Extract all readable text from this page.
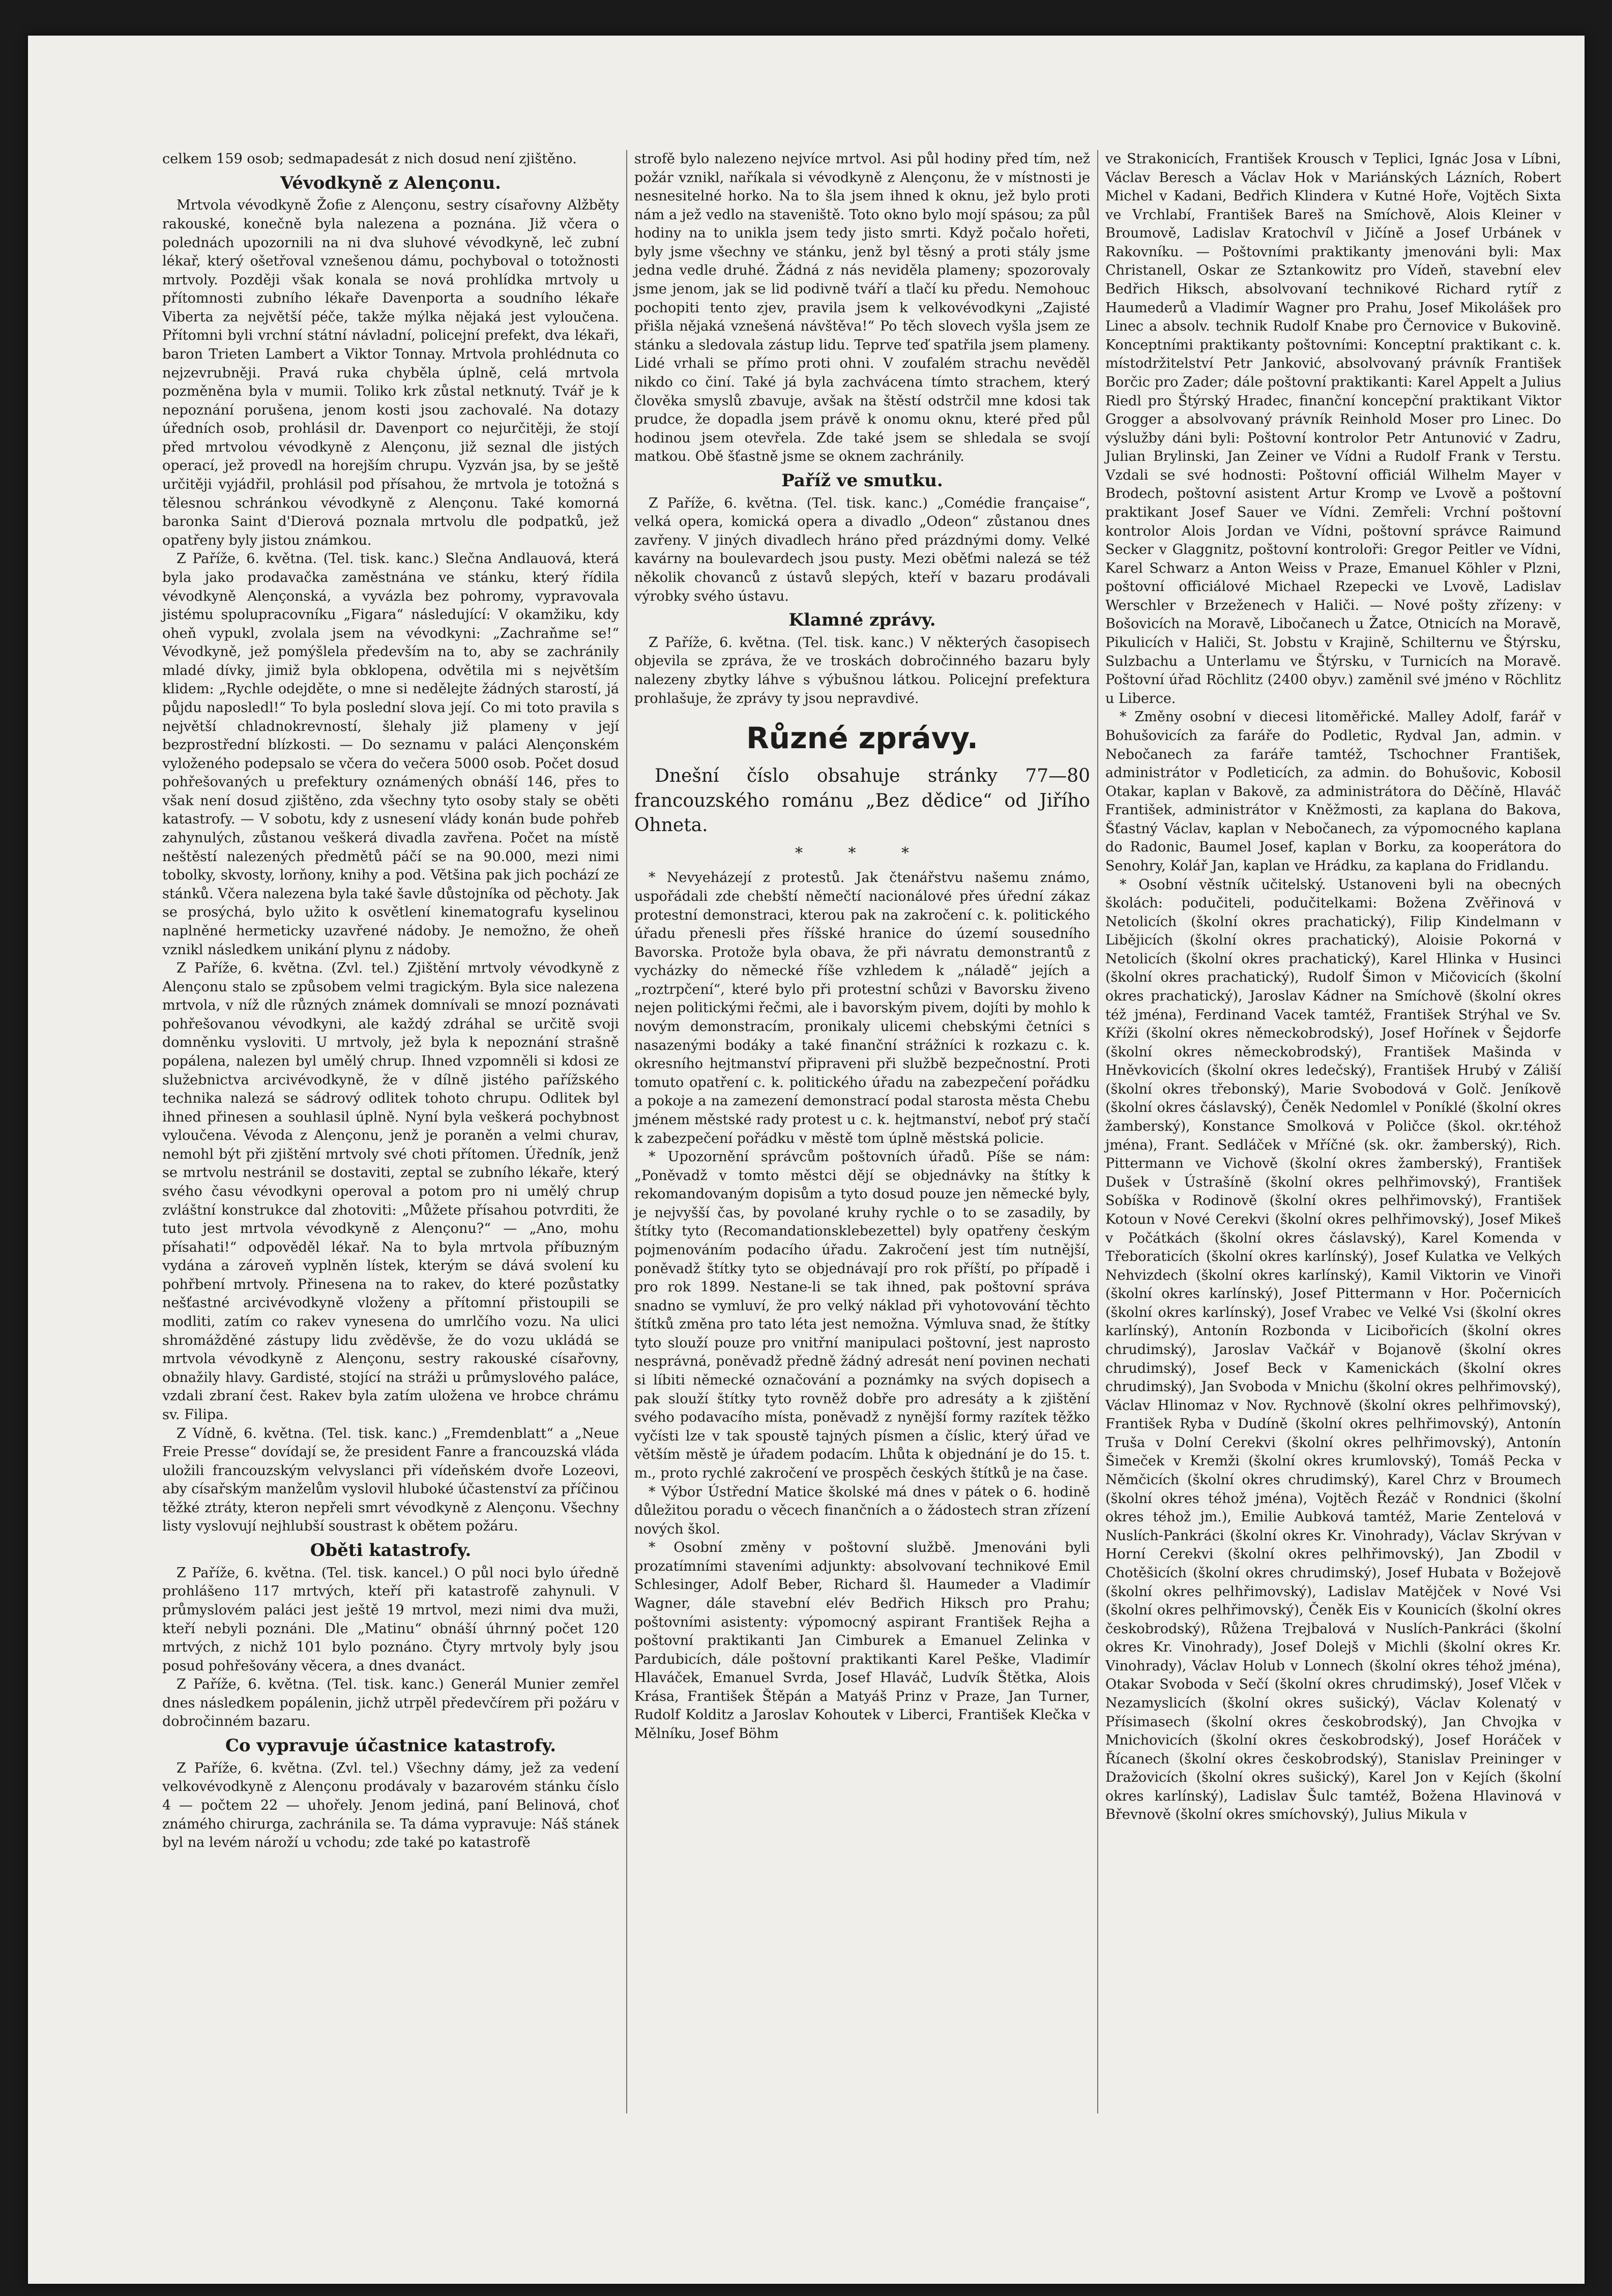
celkem 159 osob; sedmapadesát z nich dosud není zjištěno.

Vévodkyně z Alençonu.

Mrtvola vévodkyně Žofie z Alençonu, sestry císařovny Alžběty rakouské, konečně byla nalezena a poznána. Již včera o polednách upozornili na ni dva sluhové vévodkyně, leč zubní lékař, který ošetřoval vznešenou dámu, pochyboval o totožnosti mrtvoly. Později však konala se nová prohlídka mrtvoly u přítomnosti zubního lékaře Davenporta a soudního lékaře Viberta za největší péče, takže mýlka nějaká jest vyloučena. Přítomni byli vrchní státní návladní, policejní prefekt, dva lékaři, baron Trieten Lambert a Viktor Tonnay. Mrtvola prohlédnuta co nejzevrubněji. Pravá ruka chyběla úplně, celá mrtvola pozměněna byla v mumii. Toliko krk zůstal netknutý. Tvář je k nepoznání porušena, jenom kosti jsou zachovalé. Na dotazy úředních osob, prohlásil dr. Davenport co nejurčitěji, že stojí před mrtvolou vévodkyně z Alençonu, již seznal dle jistých operací, jež provedl na horejším chrupu. Vyzván jsa, by se ještě určitěji vyjádřil, prohlásil pod přísahou, že mrtvola je totožná s tělesnou schránkou vévodkyně z Alençonu. Také komorná baronka Saint d'Dierová poznala mrtvolu dle podpatků, jež opatřeny byly jistou známkou.

Z Paříže, 6. května. (Tel. tisk. kanc.) Slečna Andlauová, která byla jako prodavačka zaměstnána ve stánku, který řídila vévodkyně Alençonská, a vyvázla bez pohromy, vypravovala jistému spolupracovníku „Figara“ následující: V okamžiku, kdy oheň vypukl, zvolala jsem na vévodkyni: „Zachraňme se!“ Vévodkyně, jež pomýšlela především na to, aby se zachránily mladé dívky, jimiž byla obklopena, odvětila mi s největším klidem: „Rychle odejděte, o mne si nedělejte žádných starostí, já půjdu naposledl!“ To byla poslední slova její. Co mi toto pravila s největší chladnokrevností, šlehaly již plameny v její bezprostřední blízkosti. — Do seznamu v paláci Alençonském vyloženého podepsalo se včera do večera 5000 osob. Počet dosud pohřešovaných u prefektury oznámených obnáší 146, přes to však není dosud zjištěno, zda všechny tyto osoby staly se oběti katastrofy. — V sobotu, kdy z usnesení vlády konán bude pohřeb zahynulých, zůstanou veškerá divadla zavřena. Počet na místě neštěstí nalezených předmětů páčí se na 90.000, mezi nimi tobolky, skvosty, lorňony, knihy a pod. Většina pak jich pochází ze stánků. Včera nalezena byla také šavle důstojníka od pěchoty. Jak se prosýchá, bylo užito k osvětlení kinematografu kyselinou naplněné hermeticky uzavřené nádoby. Je nemožno, že oheň vznikl následkem unikání plynu z nádoby.

Z Paříže, 6. května. (Zvl. tel.) Zjištění mrtvoly vévodkyně z Alençonu stalo se způsobem velmi tragickým. Byla sice nalezena mrtvola, v níž dle různých známek domnívali se mnozí poznávati pohřešovanou vévodkyni, ale každý zdráhal se určitě svoji domněnku vysloviti. U mrtvoly, jež byla k nepoznání strašně popálena, nalezen byl umělý chrup. Ihned vzpomněli si kdosi ze služebnictva arcivévodkyně, že v dílně jistého pařížského technika nalezá se sádrový odlitek tohoto chrupu. Odlitek byl ihned přinesen a souhlasil úplně. Nyní byla veškerá pochybnost vyloučena. Vévoda z Alençonu, jenž je poraněn a velmi churav, nemohl být při zjištění mrtvoly své choti přítomen. Úředník, jenž se mrtvolu nestránil se dostaviti, zeptal se zubního lékaře, který svého času vévodkyni operoval a potom pro ni umělý chrup zvláštní konstrukce dal zhotoviti: „Můžete přísahou potvrditi, že tuto jest mrtvola vévodkyně z Alençonu?“ — „Ano, mohu přísahati!“ odpověděl lékař. Na to byla mrtvola příbuzným vydána a zároveň vyplněn lístek, kterým se dává svolení ku pohřbení mrtvoly. Přinesena na to rakev, do které pozůstatky nešťastné arcivévodkyně vloženy a přítomní přistoupili se modliti, zatím co rakev vynesena do umrlčího vozu. Na ulici shromážděné zástupy lidu zvěděvše, že do vozu ukládá se mrtvola vévodkyně z Alençonu, sestry rakouské císařovny, obnažily hlavy. Gardisté, stojící na stráži u průmyslového paláce, vzdali zbraní čest. Rakev byla zatím uložena ve hrobce chrámu sv. Filipa.

Z Vídně, 6. května. (Tel. tisk. kanc.) „Fremdenblatt“ a „Neue Freie Presse“ dovídají se, že president Fanre a francouzská vláda uložili francouzským velvyslanci při vídeňském dvoře Lozeovi, aby císařským manželům vyslovil hluboké účastenství za příčinou těžké ztráty, kteron nepřeli smrt vévodkyně z Alençonu. Všechny listy vyslovují nejhlubší soustrast k obětem požáru.

Oběti katastrofy.

Z Paříže, 6. května. (Tel. tisk. kancel.) O půl noci bylo úředně prohlášeno 117 mrtvých, kteří při katastrofě zahynuli. V průmyslovém paláci jest ještě 19 mrtvol, mezi nimi dva muži, kteří nebyli poznáni. Dle „Matinu“ obnáší úhrnný počet 120 mrtvých, z nichž 101 bylo poznáno. Čtyry mrtvoly byly jsou posud pohřešovány věcera, a dnes dvanáct.

Z Paříže, 6. května. (Tel. tisk. kanc.) Generál Munier zemřel dnes následkem popálenin, jichž utrpěl předevčírem při požáru v dobročinném bazaru.

Co vypravuje účastnice katastrofy.

Z Paříže, 6. května. (Zvl. tel.) Všechny dámy, jež za vedení velkovévodkyně z Alençonu prodávaly v bazarovém stánku číslo 4 — počtem 22 — uhořely. Jenom jediná, paní Belinová, choť známého chirurga, zachránila se. Ta dáma vypravuje: Náš stánek byl na levém nároží u vchodu; zde také po katastrofě

strofě bylo nalezeno nejvíce mrtvol. Asi půl hodiny před tím, než požár vznikl, naříkala si vévodkyně z Alençonu, že v místnosti je nesnesitelné horko. Na to šla jsem ihned k oknu, jež bylo proti nám a jež vedlo na staveniště. Toto okno bylo mojí spásou; za půl hodiny na to unikla jsem tedy jisto smrti. Když počalo hořeti, byly jsme všechny ve stánku, jenž byl těsný a proti stály jsme jedna vedle druhé. Žádná z nás neviděla plameny; spozorovaly jsme jenom, jak se lid podivně tváří a tlačí ku předu. Nemohouc pochopiti tento zjev, pravila jsem k velkovévodkyni „Zajisté přišla nějaká vznešená návštěva!“ Po těch slovech vyšla jsem ze stánku a sledovala zástup lidu. Teprve teď spatřila jsem plameny. Lidé vrhali se přímo proti ohni. V zoufalém strachu nevěděl nikdo co činí. Také já byla zachvácena tímto strachem, který člověka smyslů zbavuje, avšak na štěstí odstrčil mne kdosi tak prudce, že dopadla jsem právě k onomu oknu, které před půl hodinou jsem otevřela. Zde také jsem se shledala se svojí matkou. Obě šťastně jsme se oknem zachránily.

Paříž ve smutku.

Z Paříže, 6. května. (Tel. tisk. kanc.) „Comédie française“, velká opera, komická opera a divadlo „Odeon“ zůstanou dnes zavřeny. V jiných divadlech hráno před prázdnými domy. Velké kavárny na boulevardech jsou pusty. Mezi oběťmi nalezá se též několik chovanců z ústavů slepých, kteří v bazaru prodávali výrobky svého ústavu.

Klamné zprávy.

Z Paříže, 6. května. (Tel. tisk. kanc.) V některých časopisech objevila se zpráva, že ve troskách dobročinného bazaru byly nalezeny zbytky láhve s výbušnou látkou. Policejní prefektura prohlašuje, že zprávy ty jsou nepravdivé.

Různé zprávy.

Dnešní číslo obsahuje stránky 77—80 francouzského románu „Bez dědice“ od Jiřího Ohneta.

* * *

* Nevyeházejí z protestů. Jak čtenářstvu našemu známo, uspořádali zde chebští němečtí nacionálové přes úřední zákaz protestní demonstraci, kterou pak na zakročení c. k. politického úřadu přenesli přes říšské hranice do území sousedního Bavorska. Protože byla obava, že při návratu demonstrantů z vycházky do německé říše vzhledem k „náladě“ jejích a „roztrpčení“, které bylo při protestní schůzi v Bavorsku živeno nejen politickými řečmi, ale i bavorským pivem, dojíti by mohlo k novým demonstracím, pronikaly ulicemi chebskými četníci s nasazenými bodáky a také finanční strážníci k rozkazu c. k. okresního hejtmanství připraveni při službě bezpečnostní. Proti tomuto opatření c. k. politického úřadu na zabezpečení pořádku a pokoje a na zamezení demonstrací podal starosta města Chebu jménem městské rady protest u c. k. hejtmanství, neboť prý stačí k zabezpečení pořádku v městě tom úplně městská policie.

* Upozornění správcům poštovních úřadů. Píše se nám: „Poněvadž v tomto městci dějí se objednávky na štítky k rekomandovaným dopisům a tyto dosud pouze jen německé byly, je nejvyšší čas, by povolané kruhy rychle o to se zasadily, by štítky tyto (Recomandationsklebezettel) byly opatřeny českým pojmenováním podacího úřadu. Zakročení jest tím nutnější, poněvadž štítky tyto se objednávají pro rok příští, po případě i pro rok 1899. Nestane-li se tak ihned, pak poštovní správa snadno se vymluví, že pro velký náklad při vyhotovování těchto štítků změna pro tato léta jest nemožna. Výmluva snad, že štítky tyto slouží pouze pro vnitřní manipulaci poštovní, jest naprosto nesprávná, poněvadž předně žádný adresát není povinen nechati si líbiti německé označování a poznámky na svých dopisech a pak slouží štítky tyto rovněž dobře pro adresáty a k zjištění svého podavacího místa, poněvadž z nynější formy razítek těžko vyčísti lze v tak spoustě tajných písmen a číslic, který úřad ve větším městě je úřadem podacím. Lhůta k objednání je do 15. t. m., proto rychlé zakročení ve prospěch českých štítků je na čase.

* Výbor Ústřední Matice školské má dnes v pátek o 6. hodině důležitou poradu o věcech finančních a o žádostech stran zřízení nových škol.

* Osobní změny v poštovní službě. Jmenováni byli prozatímními staveními adjunkty: absolvovaní technikové Emil Schlesinger, Adolf Beber, Richard šl. Haumeder a Vladimír Wagner, dále stavební elév Bedřich Hiksch pro Prahu; poštovními asistenty: výpomocný aspirant František Rejha a poštovní praktikanti Jan Cimburek a Emanuel Zelinka v Pardubicích, dále poštovní praktikanti Karel Peške, Vladimír Hlaváček, Emanuel Svrda, Josef Hlaváč, Ludvík Štětka, Alois Krása, František Štěpán a Matyáš Prinz v Praze, Jan Turner, Rudolf Kolditz a Jaroslav Kohoutek v Liberci, František Klečka v Mělníku, Josef Böhm

ve Strakonicích, František Krousch v Teplici, Ignác Josa v Líbni, Václav Beresch a Václav Hok v Mariánských Lázních, Robert Michel v Kadani, Bedřich Klindera v Kutné Hoře, Vojtěch Sixta ve Vrchlabí, František Bareš na Smíchově, Alois Kleiner v Broumově, Ladislav Kratochvíl v Jičíně a Josef Urbánek v Rakovníku. — Poštovními praktikanty jmenováni byli: Max Christanell, Oskar ze Sztankowitz pro Vídeň, stavební elev Bedřich Hiksch, absolvovaní technikové Richard rytíř z Haumederů a Vladimír Wagner pro Prahu, Josef Mikolášek pro Linec a absolv. technik Rudolf Knabe pro Černovice v Bukovině. Konceptními praktikanty poštovními: Konceptní praktikant c. k. místodržitelství Petr Janković, absolvovaný právník František Borčic pro Zader; dále poštovní praktikanti: Karel Appelt a Julius Riedl pro Štýrský Hradec, finanční koncepční praktikant Viktor Grogger a absolvovaný právník Reinhold Moser pro Linec. Do výslužby dáni byli: Poštovní kontrolor Petr Antunović v Zadru, Julian Brylinski, Jan Zeiner ve Vídni a Rudolf Frank v Terstu. Vzdali se své hodnosti: Poštovní officiál Wilhelm Mayer v Brodech, poštovní asistent Artur Kromp ve Lvově a poštovní praktikant Josef Sauer ve Vídni. Zemřeli: Vrchní poštovní kontrolor Alois Jordan ve Vídni, poštovní správce Raimund Secker v Glaggnitz, poštovní kontroloři: Gregor Peitler ve Vídni, Karel Schwarz a Anton Weiss v Praze, Emanuel Köhler v Plzni, poštovní officiálové Michael Rzepecki ve Lvově, Ladislav Werschler v Brzeženech v Haliči. — Nové pošty zřízeny: v Bošovicích na Moravě, Libočanech u Žatce, Otnicích na Moravě, Pikulicích v Haliči, St. Jobstu v Krajině, Schilternu ve Štýrsku, Sulzbachu a Unterlamu ve Štýrsku, v Turnicích na Moravě. Poštovní úřad Röchlitz (2400 obyv.) zaměnil své jméno v Röchlitz u Liberce.

* Změny osobní v diecesi litoměřické. Malley Adolf, farář v Bohušovicích za faráře do Podletic, Rydval Jan, admin. v Nebočanech za faráře tamtéž, Tschochner František, administrátor v Podleticích, za admin. do Bohušovic, Kobosil Otakar, kaplan v Bakově, za administrátora do Děčíně, Hlaváč František, administrátor v Kněžmosti, za kaplana do Bakova, Šťastný Václav, kaplan v Nebočanech, za výpomocného kaplana do Radonic, Baumel Josef, kaplan v Borku, za kooperátora do Senohry, Kolář Jan, kaplan ve Hrádku, za kaplana do Fridlandu.

* Osobní věstník učitelský. Ustanoveni byli na obecných školách: podučiteli, podučitelkami: Božena Zvěřinová v Netolicích (školní okres prachatický), Filip Kindelmann v Libějicích (školní okres prachatický), Aloisie Pokorná v Netolicích (školní okres prachatický), Karel Hlinka v Husinci (školní okres prachatický), Rudolf Šimon v Mičovicích (školní okres prachatický), Jaroslav Kádner na Smíchově (školní okres též jména), Ferdinand Vacek tamtéž, František Strýhal ve Sv. Kříži (školní okres německobrodský), Josef Hořínek v Šejdorfe (školní okres německobrodský), František Mašinda v Hněvkovicích (školní okres ledečský), František Hrubý v Záliší (školní okres třebonský), Marie Svobodová v Golč. Jeníkově (školní okres čáslavský), Čeněk Nedomlel v Poníklé (školní okres žamberský), Konstance Smolková v Poličce (škol. okr.téhož jména), Frant. Sedláček v Mříčné (sk. okr. žamberský), Rich. Pittermann ve Vichově (školní okres žamberský), František Dušek v Ústrašíně (školní okres pelhřimovský), František Sobíška v Rodinově (školní okres pelhřimovský), František Kotoun v Nové Cerekvi (školní okres pelhřimovský), Josef Mikeš v Počátkách (školní okres čáslavský), Karel Komenda v Třeboraticích (školní okres karlínský), Josef Kulatka ve Velkých Nehvizdech (školní okres karlínský), Kamil Viktorin ve Vinoři (školní okres karlínský), Josef Pittermann v Hor. Počernicích (školní okres karlínský), Josef Vrabec ve Velké Vsi (školní okres karlínský), Antonín Rozbonda v Licibořicích (školní okres chrudimský), Jaroslav Vačkář v Bojanově (školní okres chrudimský), Josef Beck v Kamenickách (školní okres chrudimský), Jan Svoboda v Mnichu (školní okres pelhřimovský), Václav Hlinomaz v Nov. Rychnově (školní okres pelhřimovský), František Ryba v Dudíně (školní okres pelhřimovský), Antonín Truša v Dolní Cerekvi (školní okres pelhřimovský), Antonín Šimeček v Kremži (školní okres krumlovský), Tomáš Pecka v Němčicích (školní okres chrudimský), Karel Chrz v Broumech (školní okres téhož jména), Vojtěch Řezáč v Rondnici (školní okres téhož jm.), Emilie Aubková tamtéž, Marie Zentelová v Nuslích-Pankráci (školní okres Kr. Vinohrady), Václav Skrývan v Horní Cerekvi (školní okres pelhřimovský), Jan Zbodil v Chotěšicích (školní okres chrudimský), Josef Hubata v Božejově (školní okres pelhřimovský), Ladislav Matějček v Nové Vsi (školní okres pelhřimovský), Čeněk Eis v Kounicích (školní okres českobrodský), Růžena Trejbalová v Nuslích-Pankráci (školní okres Kr. Vinohrady), Josef Dolejš v Michli (školní okres Kr. Vinohrady), Václav Holub v Lonnech (školní okres téhož jména), Otakar Svoboda v Sečí (školní okres chrudimský), Josef Vlček v Nezamyslicích (školní okres sušický), Václav Kolenatý v Přísimasech (školní okres českobrodský), Jan Chvojka v Mnichovicích (školní okres českobrodský), Josef Horáček v Řícanech (školní okres českobrodský), Stanislav Preininger v Dražovicích (školní okres sušický), Karel Jon v Kejích (školní okres karlínský), Ladislav Šulc tamtéž, Božena Hlavinová v Břevnově (školní okres smíchovský), Julius Mikula v
